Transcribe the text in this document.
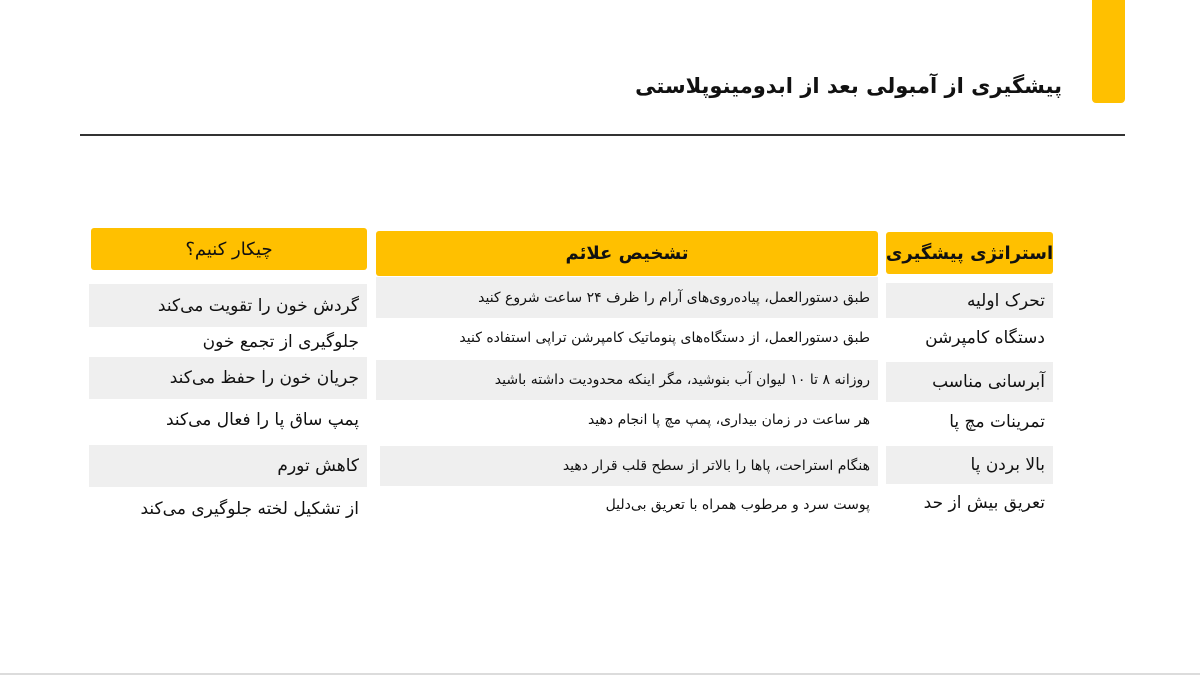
پیشگیری از آمبولی بعد از ابدومینوپلاستی
استراتژی پیشگیری
تحرک اولیه
دستگاه کامپرشن
آبرسانی مناسب
تمرینات مچ پا
بالا بردن پا
تعریق بیش از حد
تشخیص علائم
طبق دستورالعمل، پیاده‌روی‌های آرام را ظرف ۲۴ ساعت شروع کنید
طبق دستورالعمل، از دستگاه‌های پنوماتیک کامپرشن تراپی استفاده کنید
روزانه ۸ تا ۱۰ لیوان آب بنوشید، مگر اینکه محدودیت داشته باشید
هر ساعت در زمان بیداری، پمپ مچ پا انجام دهید
هنگام استراحت، پاها را بالاتر از سطح قلب قرار دهید
پوست سرد و مرطوب همراه با تعریق بی‌دلیل
چیکار کنیم؟
گردش خون را تقویت می‌کند
جلوگیری از تجمع خون
جریان خون را حفظ می‌کند
پمپ ساق پا را فعال می‌کند
کاهش تورم
از تشکیل لخته جلوگیری می‌کند
